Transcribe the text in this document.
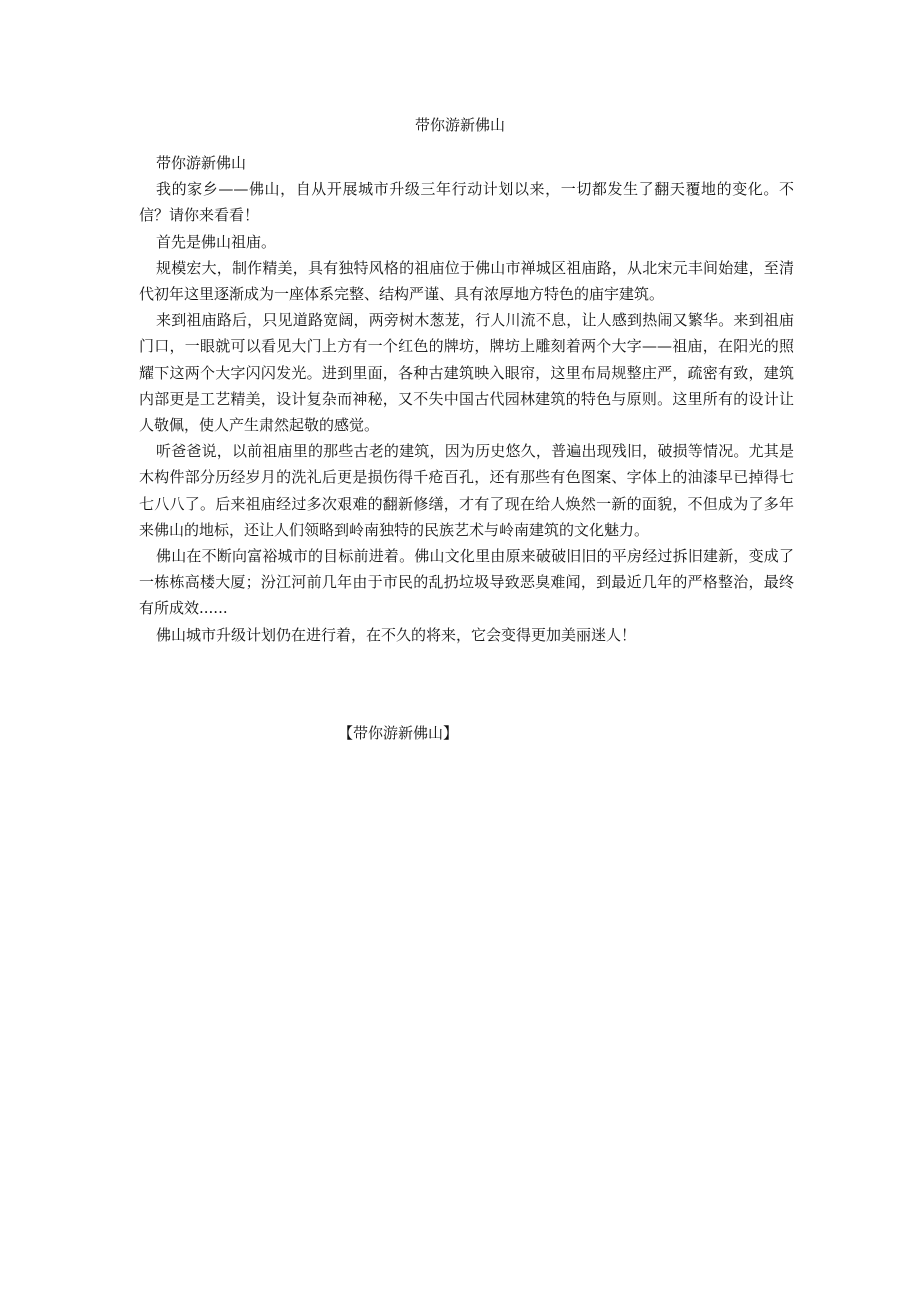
带你游新佛山

带你游新佛山

我的家乡——佛山，自从开展城市升级三年行动计划以来，一切都发生了翻天覆地的变化。不信？请你来看看！

首先是佛山祖庙。

规模宏大，制作精美，具有独特风格的祖庙位于佛山市禅城区祖庙路，从北宋元丰间始建，至清代初年这里逐渐成为一座体系完整、结构严谨、具有浓厚地方特色的庙宇建筑。

来到祖庙路后，只见道路宽阔，两旁树木葱茏，行人川流不息，让人感到热闹又繁华。来到祖庙门口，一眼就可以看见大门上方有一个红色的牌坊，牌坊上雕刻着两个大字——祖庙，在阳光的照耀下这两个大字闪闪发光。进到里面，各种古建筑映入眼帘，这里布局规整庄严，疏密有致，建筑内部更是工艺精美，设计复杂而神秘，又不失中国古代园林建筑的特色与原则。这里所有的设计让人敬佩，使人产生肃然起敬的感觉。

听爸爸说，以前祖庙里的那些古老的建筑，因为历史悠久，普遍出现残旧，破损等情况。尤其是木构件部分历经岁月的洗礼后更是损伤得千疮百孔，还有那些有色图案、字体上的油漆早已掉得七七八八了。后来祖庙经过多次艰难的翻新修缮，才有了现在给人焕然一新的面貌，不但成为了多年来佛山的地标，还让人们领略到岭南独特的民族艺术与岭南建筑的文化魅力。

佛山在不断向富裕城市的目标前进着。佛山文化里由原来破破旧旧的平房经过拆旧建新，变成了一栋栋高楼大厦；汾江河前几年由于市民的乱扔垃圾导致恶臭难闻，到最近几年的严格整治，最终有所成效......

佛山城市升级计划仍在进行着，在不久的将来，它会变得更加美丽迷人！

【带你游新佛山】
